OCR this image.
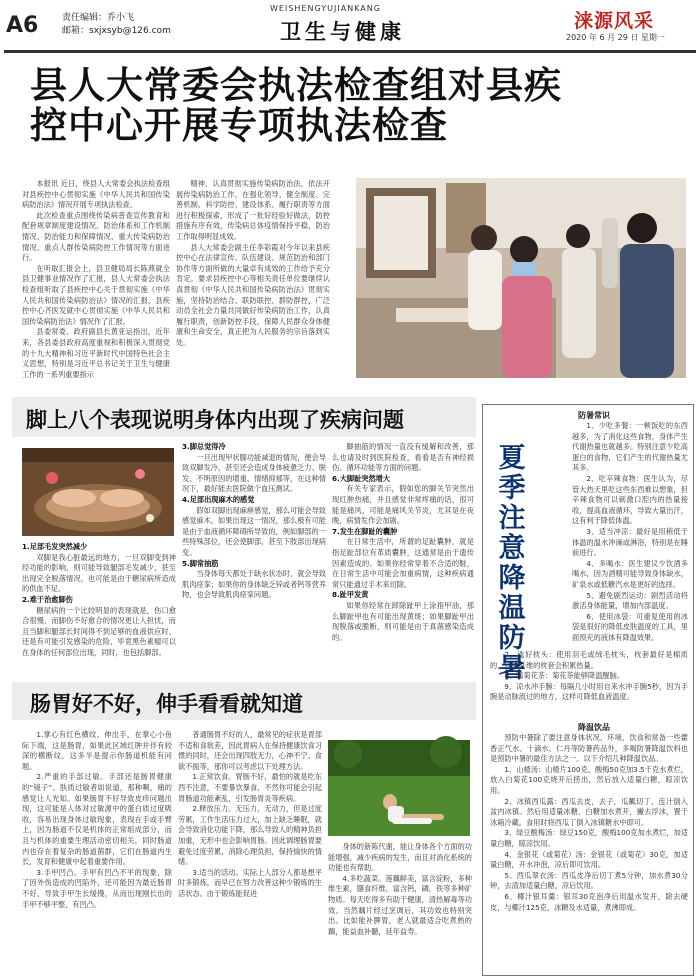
A6	责任编辑：乔小飞
邮箱：sxjxsyb@126.com
WEISHENGYUJIANKANG
卫生与健康	涞源风采
2020 年 6 月 29 日 星期一
县人大常委会执法检查组对县疾
控中心开展专项执法检查

本报讯 近日，绕县人大常委会执法检查组对县疾控中心贯彻实施《中华人民共和国传染病防治法》情况开展专项执法检查。

此次检查重点围绕传染病普查宣传教育和配套规章制度建设情况、防治体系和工作机制情况、防治能力和保障情况、重大传染病防治情况、重点人群传染病防控工作情况等方面进行。

在听取汇报会上，县卫健局局长陈燕就全县卫健事业情况作了汇报，县人大常委会执法检查组听取了县疾控中心关于贯彻实施《中华人民共和国传染病防治法》情况的汇报，县疾控中心齐医发就中心贯彻实施《中华人民共和国传染病防治法》情况作了汇报。

县委常委、政府副县长黄亚运指出，近年来，各县委县政府高度重视和积极深入贯彻党的十九大精神和习近平新时代中国特色社会主义思想，特别是习近平总书记关于卫生与健康工作的一系列重要指示

精神，认真贯彻实施传染病防治法，依法开展传染病防治工作，在强化领导、健全制度、完善机制、科学防控、建设体系、履行职责等方面进行积极探索，形成了一批好经验好做法，防控措施有序有效，传染病总体疫情保持平稳，防治工作取得明显成效。

县人大常委会副主任李彩霞对今年以来县疾控中心在法律宣传、队伍建设、规范防治和部门协作等方面所做的大量卓有成效的工作给予充分肯定。要求县疾控中心等相关责任单位要继续认真贯彻《中华人民共和国传染病防治法》贯彻实施，坚持防治结合、联防联控、群防群控，广泛动员全社会力量共同做好传染病防治工作，认真履行职责，创新防控手段，保障人民群众身体健康和生命安全，真正把为人民服务的宗旨落到实处。

脚上八个表现说明身体内出现了疾病问题

1.足部毛发突然减少

双脚是我心脏最远的地方，一旦双脚变到神经功能的影响，则可能导致腿部毛发减少，甚至出现完全脱落情况，也可能是由于糖尿病所造成的供血不足。

2.难于治愈脚伤

糖尿病的一个比较明显的表现就是，伤口愈合很慢，而脚伤不好愈合的情况更让人担忧，而且当脚和腿部长时间得不到足够的血液供应时，还是有可能引发感染的危险，毕竟黑色素瘤可以在身体的任何部位出现，同时，也包括脚部。

3.脚总觉得冷

一旦出现甲状腺功能减退的情况，便会导致双脚发冷，甚至还会造成身体疲惫乏力、脱发、不明原因的增重、情绪抑郁等，在这种情况下，最好能去医院做个血压测试。

4.足部出现麻木的感觉

假如双脚出现麻痹感觉，那么可能会导致感觉麻木，如果出现这一情况，那么极有可能是由于血液循环障碍所导致的，例如脚部的一些特殊部位，还会使脚部，甚至下肢部出现病变。

5.脚常抽筋

当身体每天都处于缺水状态时，就会导致肌肉痉挛；如果你的身体缺乏锌或者钙等营养物，也会导致肌肉痉挛问题。

脚抽筋的情况一直没有缓解和改善，那么也请及时到医院检查，看看是否有神经损伤、循环功能等方面的问题。

6.大脚趾突然增大

有关专家表示，假如您的脚关节突然出现红肿热痛，并且感觉非常疼痛的话，很可能是痛风，可能是痛风关节炎，尤其是在夜晚，病情发作会加剧。

7.发生在脚趾的囊肿

在日常生活中，所谓的足趾囊肿，就是指足趾部位有革质囊肿，这通常是由于遗传因素造成的。如果你经常穿着不合适的鞋，在日常生活中可能会加重病情，这种疾病通常只能通过手术来切除。

8.趾甲发黄

如果你经常在卸除趾甲上涂指甲油，那么脚趾甲也有可能出现黄斑；如果脚趾甲出现脱落或脆断，则可能是由于真菌感染造成的。

夏季注意降温防暑
防暑常识

1、少吃多餐：一顿饭吃的东西越多，为了消化这些食物，身体产生代谢热量也就越多。特别注意少吃高蛋白的食物，它们产生的代谢热量尤其多。

2、吃辛辣食物：医生认为，尽管大热天里吃这些东西难以想象，但辛辣食物可以刺激口腔内的热量接收，提高血液循环，导致大量出汗，这有利于降低体温。

3、适当冲凉：最好是用稍低于体温的温水冲澡或淋浴，特别是在睡前进行。

4、多喝水：医生建议少饮酒多喝水，因为酒精可能导致身体缺水，矿泉水或低糖汽水是更好的选择。

5、避免剧烈运动：剧烈活动将激活身体能量，增加内部温度。

6、使用冰袋：可重复使用的冰袋是很好的降低皮肤温度的工具，里面预充的液体有降温效果。

7、选好枕头：使用羽毛或绒毛枕头，枕套最好是棉质的，合成纤维的枕套会积累热量。

8、喝菊花茶：菊花茶能够降温醒脑。

9、凉水冲手腕：每隔几小时用自来水冲手腕5秒，因为手腕是动脉流过的地方，这样可降低血液温度。

降温饮品

预防中暑除了要注意身体状况、环境，饮食和常备一些藿香正气水、十滴水、仁丹等防暑药品外，多喝防暑降温饮料也是预防中暑的最佳方法之一。以下介绍几种降温饮品。

1、山楂汤：山楂片100克，酸梅50克加3.5千克水煮烂，放入白菊花100克烧开后捞出，然后放入适量白糖，晾凉饮用。

2、冰镇西瓜露：西瓜去皮，去子，瓜瓤切丁，连汁倒入盆内冰镇。然后用适量冰糖、白糖加水煮开，撇去浮沫，置于冰箱冷藏。食用时将西瓜丁倒入冰镇糖水中即可。

3、绿豆酸梅汤：绿豆150克，酸梅100克加水煮烂，加适量白糖，晾凉饮用。

4、金银花（或菊花）汤：金银花（或菊花）30克，加适量白糖，开水冲泡，凉后即可饮用。

5、西瓜翠衣汤：西瓜皮净后切丁煮5分钟，加水煮30分钟，去渣加适量白糖，凉后饮用。

6、椰汁银耳羹：银耳30克泡净后用温水发开，除去硬皮，与椰汁125克，冰糖及水适量，煮沸即成。

肠胃好不好，伸手看看就知道

1.掌心有红色横纹。伸出手，在掌心小鱼际下端，这是肠胃，如果此区域红肿并伴有较深的横断纹，这多半是提示你肠道机能有问题。

2.严重的手部过敏。手部还是肠胃健康的“镜子”。肤质过敏者如说道，那种啊，痛的感觉让人光知。如果肠胃不好导致皮疹问题出现，这可能是人体对过敏源中的蛋白质过度吸收，容易出现身体过敏现象，表现在手或手臂上，因为肠道不仅是机体的正常组成部分，而且与机体的重要生理活动密切相关，同时肠道内也存在着复杂的肠道菌群，它们在肠道内生长，发育和健康中起着重要作用。

3.手甲凹凸。手甲有凹凸不平的现象，除了因外伤造成的凹陷外，还可能因为最近肠胃不好，导致手甲生长缓慢，从而出现刚长出的手甲不够平整，有凹凸。

普通肠胃不好的人，最常见的症状是胃部不适和食欲差，因此胃病人在保持健康饮食习惯的同时，还会出现四肢无力，心神不宁、食欲不振等，那你可以考虑以下处理方法。

1.正常饮食。胃肠不好，最怕的就是吃东西不注意，不要暴饮暴食，不然你可能会引起胃肠道功能紊乱，引发肠胃炎等疾病。

2.释放压力。无压力，无动力，但是过度劳累，工作生活压力过大，加上缺乏睡眠，就会导致消化功能下降，那么导致人的精神负担加重，无形中也会影响胃肠。因此调理肠胃要避免过度劳累，消除心理负担，保持愉快的情绪。

3.适当的活动。实际上人部分人都是想平时多锻炼，而早已在努力改善这种少锻炼的生活状态。由于锻炼能促进

身体的新陈代谢，能让身体各个方面的功能增强，减少疾病的发生，而且对消化系统的功能也有帮助。

4.多吃蔬菜。莲藕鲜美，富含淀粉，多种维生素，膳食纤维，富含钙，磷，铁等多种矿物质。每天吃得多有助于健康，清热解毒等功效。当然藕片经过烹调后，其功效也特别突出。比如能补脾胃，老人就最适合吃煮熟的藕，能益血补髓，延年益寿。
